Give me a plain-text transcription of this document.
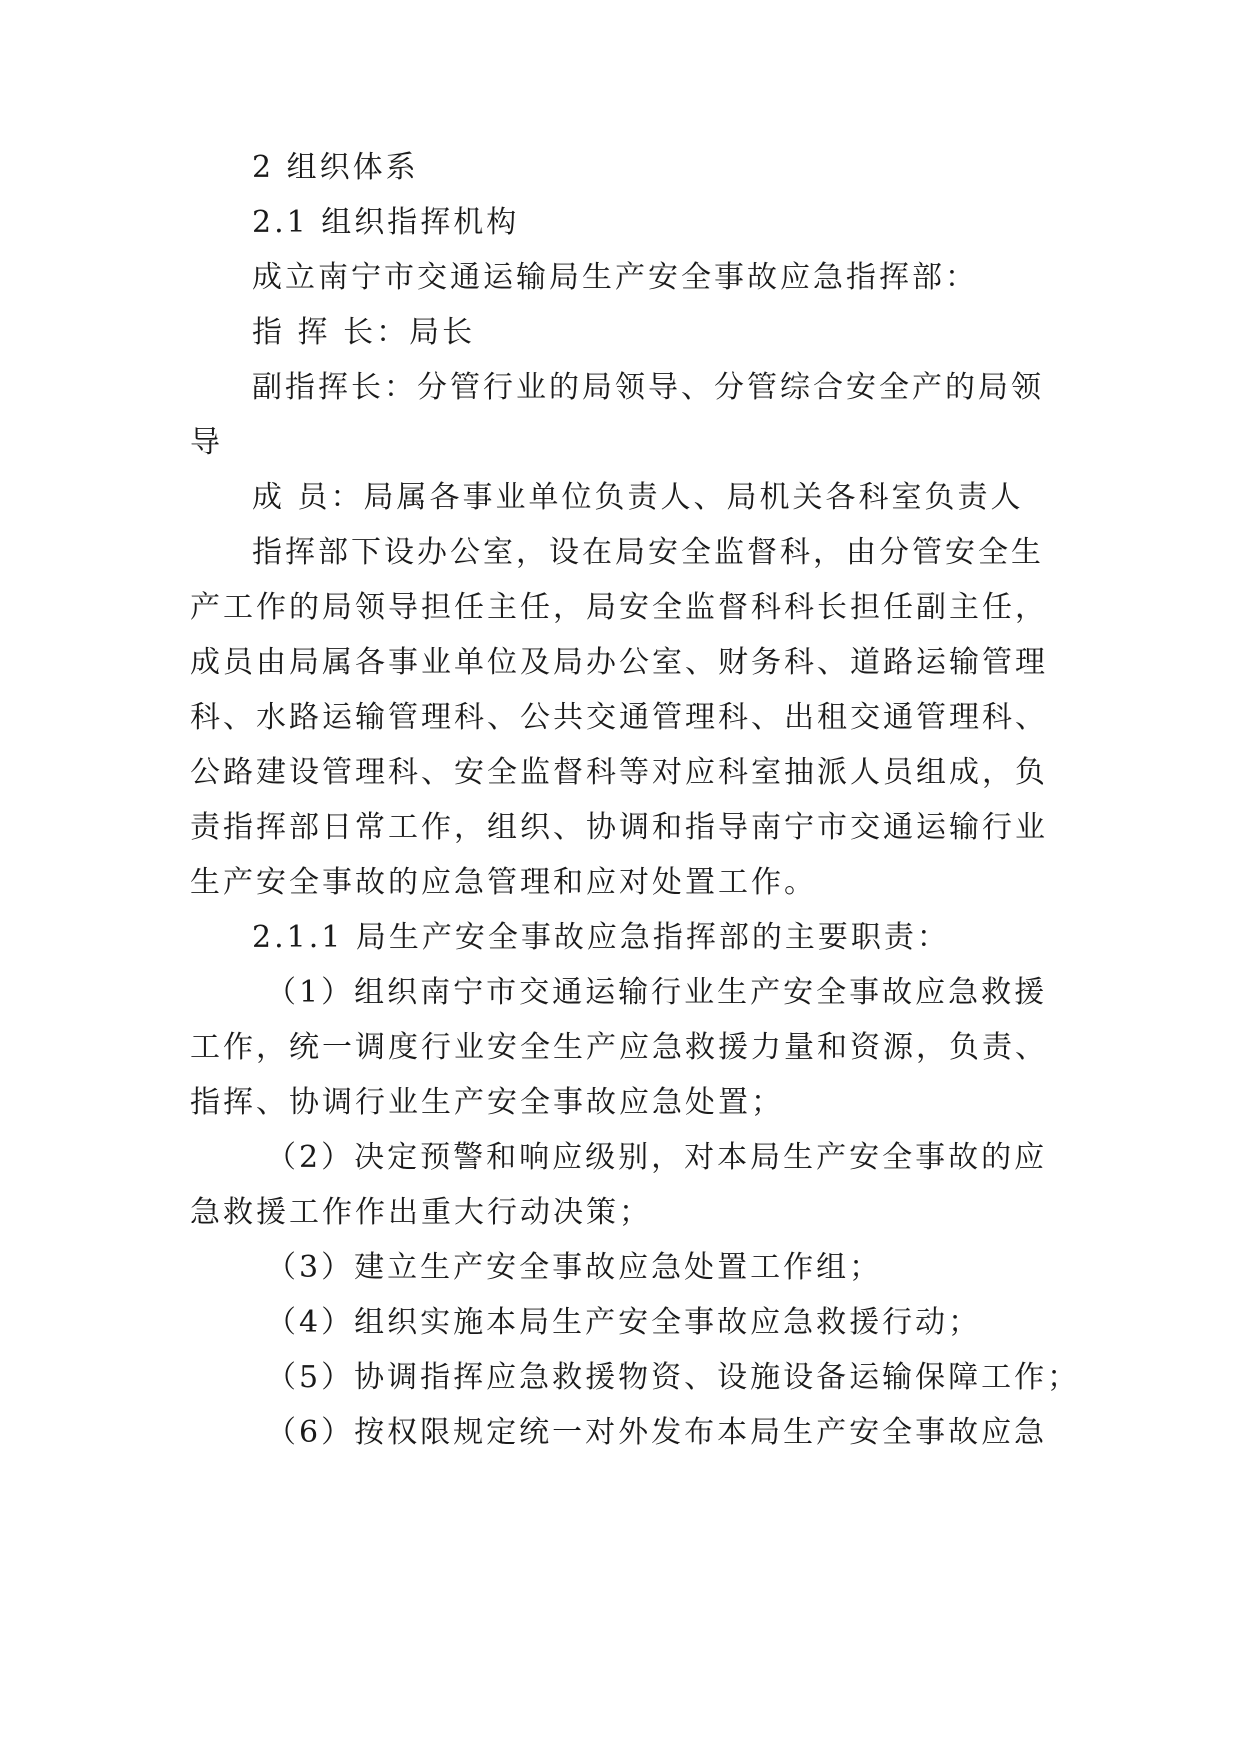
2 组织体系
2.1 组织指挥机构
成立南宁市交通运输局生产安全事故应急指挥部：
指 挥 长：局长
副指挥长：分管行业的局领导、分管综合安全产的局领
导
成 员：局属各事业单位负责人、局机关各科室负责人
指挥部下设办公室，设在局安全监督科，由分管安全生
产工作的局领导担任主任，局安全监督科科长担任副主任，
成员由局属各事业单位及局办公室、财务科、道路运输管理
科、水路运输管理科、公共交通管理科、出租交通管理科、
公路建设管理科、安全监督科等对应科室抽派人员组成，负
责指挥部日常工作，组织、协调和指导南宁市交通运输行业
生产安全事故的应急管理和应对处置工作。
2.1.1 局生产安全事故应急指挥部的主要职责：
（1）组织南宁市交通运输行业生产安全事故应急救援
工作，统一调度行业安全生产应急救援力量和资源，负责、
指挥、协调行业生产安全事故应急处置；
（2）决定预警和响应级别，对本局生产安全事故的应
急救援工作作出重大行动决策；
（3）建立生产安全事故应急处置工作组；
（4）组织实施本局生产安全事故应急救援行动；
（5）协调指挥应急救援物资、设施设备运输保障工作；
（6）按权限规定统一对外发布本局生产安全事故应急
